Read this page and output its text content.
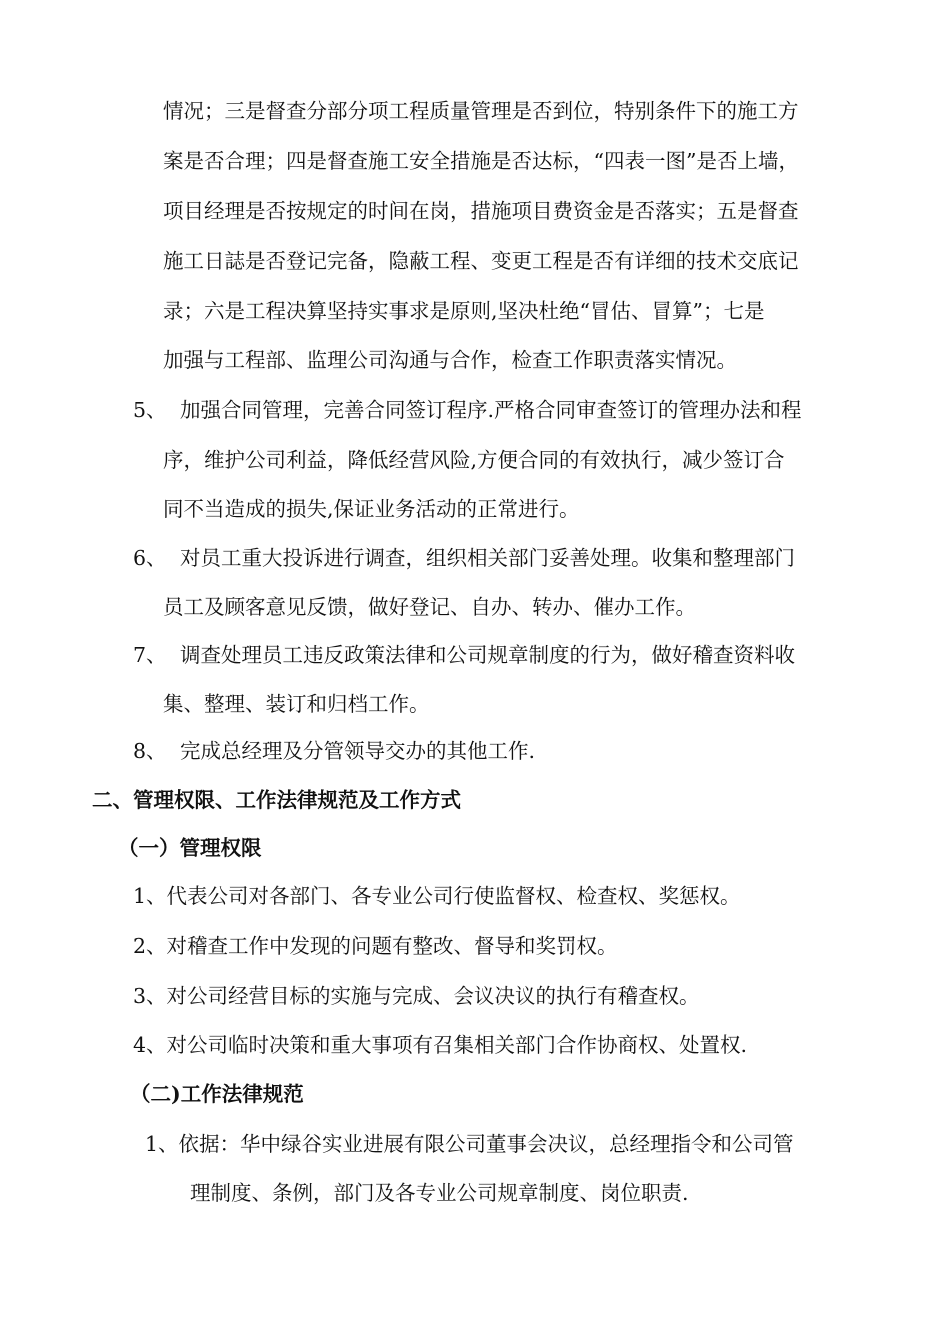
情况；三是督查分部分项工程质量管理是否到位，特别条件下的施工方
案是否合理；四是督查施工安全措施是否达标，“四表一图”是否上墙，
项目经理是否按规定的时间在岗，措施项目费资金是否落实；五是督查
施工日誌是否登记完备，隐蔽工程、变更工程是否有详细的技术交底记
录；六是工程决算坚持实事求是原则,坚决杜绝“冒估、冒算”；七是
加强与工程部、监理公司沟通与合作，检查工作职责落实情况。
5、 加强合同管理，完善合同签订程序.严格合同审查签订的管理办法和程
序，维护公司利益，降低经营风险,方便合同的有效执行，减少签订合
同不当造成的损失,保证业务活动的正常进行。
6、 对员工重大投诉进行调查，组织相关部门妥善处理。收集和整理部门
员工及顾客意见反馈，做好登记、自办、转办、催办工作。
7、 调查处理员工违反政策法律和公司规章制度的行为，做好稽查资料收
集、整理、装订和归档工作。
8、 完成总经理及分管领导交办的其他工作.
二、管理权限、工作法律规范及工作方式
（一）管理权限
1、代表公司对各部门、各专业公司行使监督权、检查权、奖惩权。
2、对稽查工作中发现的问题有整改、督导和奖罚权。
3、对公司经营目标的实施与完成、会议决议的执行有稽查权。
4、对公司临时决策和重大事项有召集相关部门合作协商权、处置权.
（二)工作法律规范
1、依据：华中绿谷实业进展有限公司董事会决议，总经理指令和公司管
理制度、条例，部门及各专业公司规章制度、岗位职责.
